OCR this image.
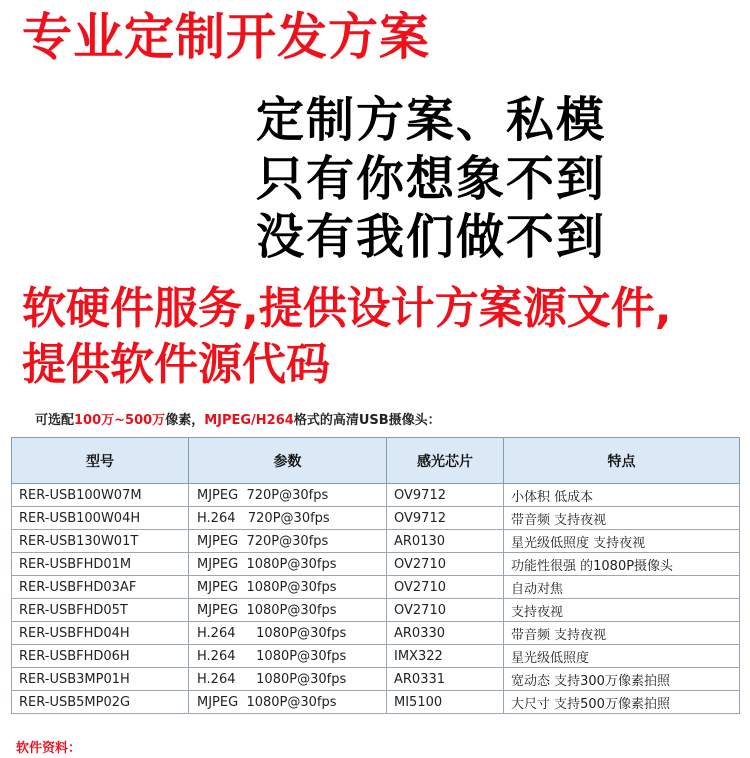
专业定制开发方案
定制方案、私模
只有你想象不到
没有我们做不到
软硬件服务,提供设计方案源文件,
提供软件源代码
可选配100万~500万像素，MJPEG/H264格式的高清USB摄像头：
型号	参数	感光芯片	特点
RER-USB100W07M	MJPEG  720P@30fps	OV9712	小体积 低成本
RER-USB100W04H	H.264   720P@30fps	OV9712	带音频 支持夜视
RER-USB130W01T	MJPEG  720P@30fps	AR0130	星光级低照度 支持夜视
RER-USBFHD01M	MJPEG  1080P@30fps	OV2710	功能性很强 的1080P摄像头
RER-USBFHD03AF	MJPEG  1080P@30fps	OV2710	自动对焦
RER-USBFHD05T	MJPEG  1080P@30fps	OV2710	支持夜视
RER-USBFHD04H	H.264     1080P@30fps	AR0330	带音频 支持夜视
RER-USBFHD06H	H.264     1080P@30fps	IMX322	星光级低照度
RER-USB3MP01H	H.264     1080P@30fps	AR0331	宽动态 支持300万像素拍照
RER-USB5MP02G	MJPEG  1080P@30fps	MI5100	大尺寸 支持500万像素拍照
软件资料：
